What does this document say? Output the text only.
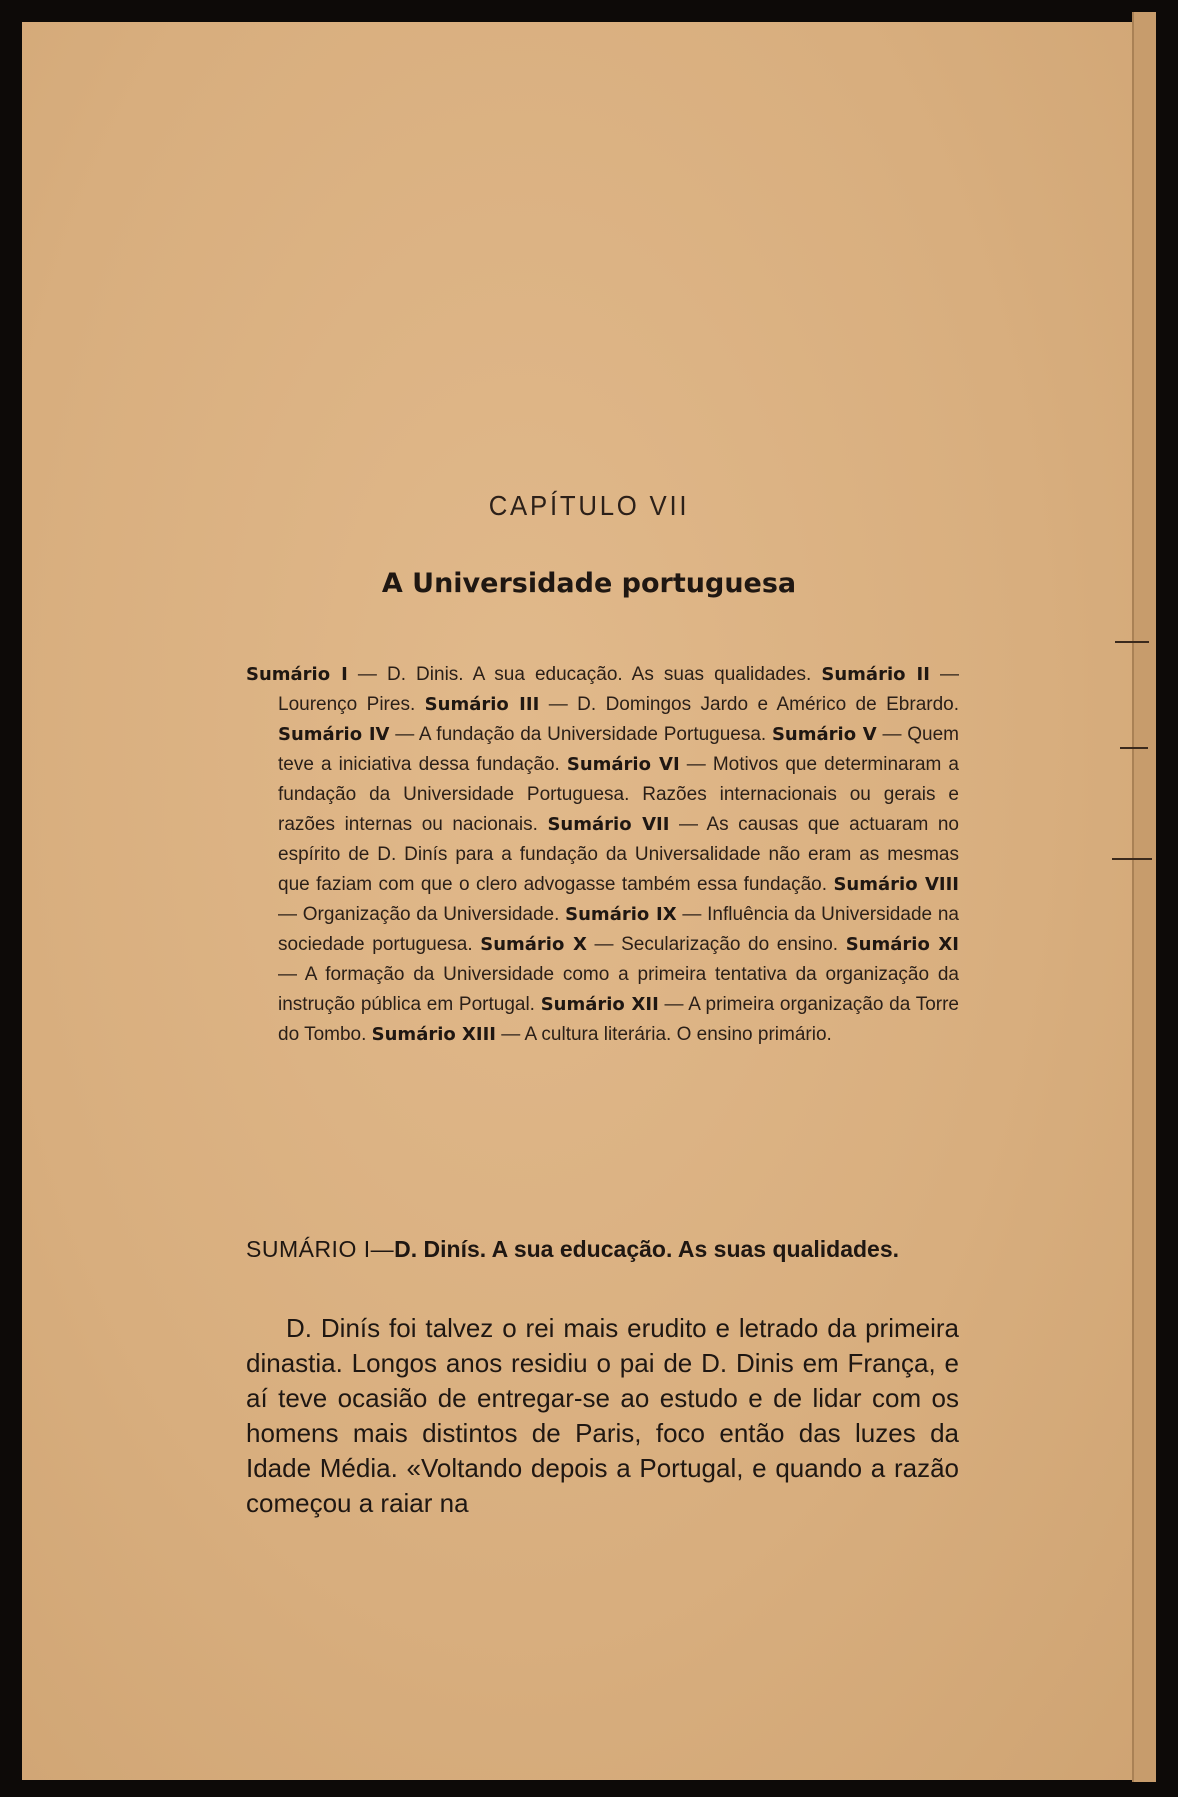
CAPÍTULO VII
A Universidade portuguesa
Sumário I — D. Dinis. A sua educação. As suas qualidades. Sumário II — Lourenço Pires. Sumário III — D. Domingos Jardo e Américo de Ebrardo. Sumário IV — A fundação da Universidade Portuguesa. Sumário V — Quem teve a iniciativa dessa fundação. Sumário VI — Motivos que determinaram a fundação da Universidade Portuguesa. Razões internacionais ou gerais e razões internas ou nacionais. Sumário VII — As causas que actuaram no espírito de D. Dinís para a fundação da Universalidade não eram as mesmas que faziam com que o clero advogasse também essa fundação. Sumário VIII — Organização da Universidade. Sumário IX — Influência da Universidade na sociedade portuguesa. Sumário X — Secularização do ensino. Sumário XI — A formação da Universidade como a primeira tentativa da organização da instrução pública em Portugal. Sumário XII — A primeira organização da Torre do Tombo. Sumário XIII — A cultura literária. O ensino primário.
SUMÁRIO I—D. Dinís. A sua educação. As suas qualidades.
D. Dinís foi talvez o rei mais erudito e letrado da primeira dinastia. Longos anos residiu o pai de D. Dinis em França, e aí teve ocasião de entregar-se ao estudo e de lidar com os homens mais distintos de Paris, foco então das luzes da Idade Média. «Voltando depois a Portugal, e quando a razão começou a raiar na
